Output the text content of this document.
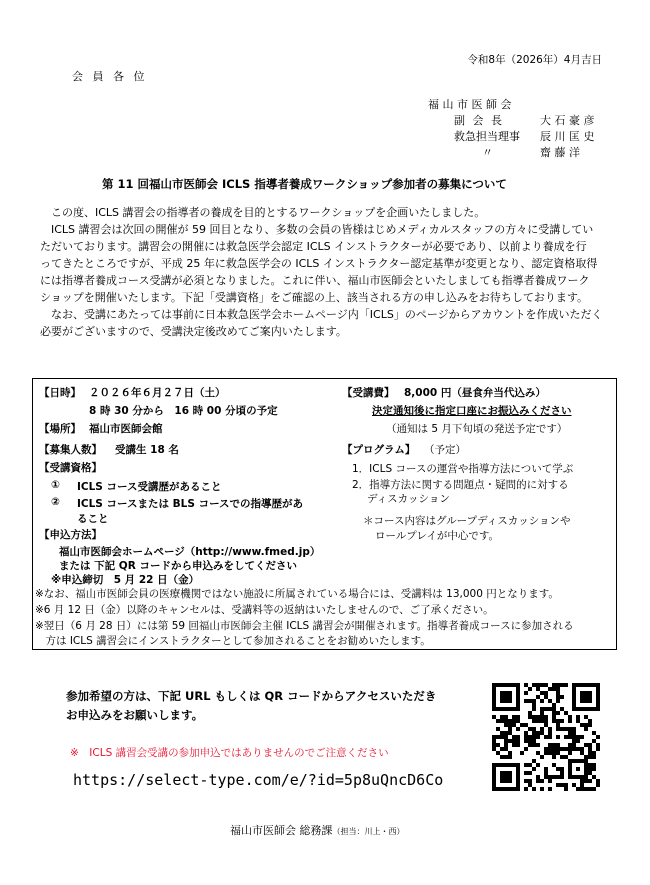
令和8年（2026年）4月吉日
会 員 各 位
福 山 市 医 師 会
副 会 長	大 石 豪 彦
救急担当理事 辰 川 匡 史
〃	齋 藤 洋
第 11 回福山市医師会 ICLS 指導者養成ワークショップ参加者の募集について

この度、ICLS 講習会の指導者の養成を目的とするワークショップを企画いたしました。

ICLS 講習会は次回の開催が 59 回目となり、多数の会員の皆様はじめメディカルスタッフの方々に受講してい

ただいております。講習会の開催には救急医学会認定 ICLS インストラクターが必要であり、以前より養成を行

ってきたところですが、平成 25 年に救急医学会の ICLS インストラクター認定基準が変更となり、認定資格取得

には指導者養成コース受講が必須となりました。これに伴い、福山市医師会といたしましても指導者養成ワーク

ショップを開催いたします。下記「受講資格」をご確認の上、該当される方の申し込みをお待ちしております。

なお、受講にあたっては事前に日本救急医学会ホームページ内「ICLS」のページからアカウントを作成いただく

必要がございますので、受講決定後改めてご案内いたします。

【日時】 ２０２６年６月２７日（土）
8 時 30 分から　16 時 00 分頃の予定
【場所】 福山市医師会館
【募集人数】 受講生 18 名
【受講資格】
① ICLS コース受講歴があること
② ICLS コースまたは BLS コースでの指導歴があ
ること
【申込方法】
福山市医師会ホームページ（http://www.fmed.jp）
または 下記 QR コードから申込みをしてください
※申込締切　5 月 22 日（金）
【受講費】 8,000 円（昼食弁当代込み）
決定通知後に指定口座にお振込みください
（通知は 5 月下旬頃の発送予定です）
【プログラム】 （予定）
1．ICLS コースの運営や指導方法について学ぶ
2．指導方法に関する問題点・疑問的に対する
ディスカッション
＊コース内容はグループディスカッションや
ロールプレイが中心です。
※なお、福山市医師会員の医療機関ではない施設に所属されている場合には、受講料は 13,000 円となります。
※6 月 12 日（金）以降のキャンセルは、受講料等の返納はいたしませんので、ご了承ください。
※翌日（6 月 28 日）には第 59 回福山市医師会主催 ICLS 講習会が開催されます。指導者養成コースに参加される
　方は ICLS 講習会にインストラクターとして参加されることをお勧めいたします。
参加希望の方は、下記 URL もしくは QR コードからアクセスいただき
お申込みをお願いします。
※　ICLS 講習会受講の参加申込ではありませんのでご注意ください
https://select-type.com/e/?id=5p8uQncD6Co
福山市医師会 総務課（担当：川上・西）
